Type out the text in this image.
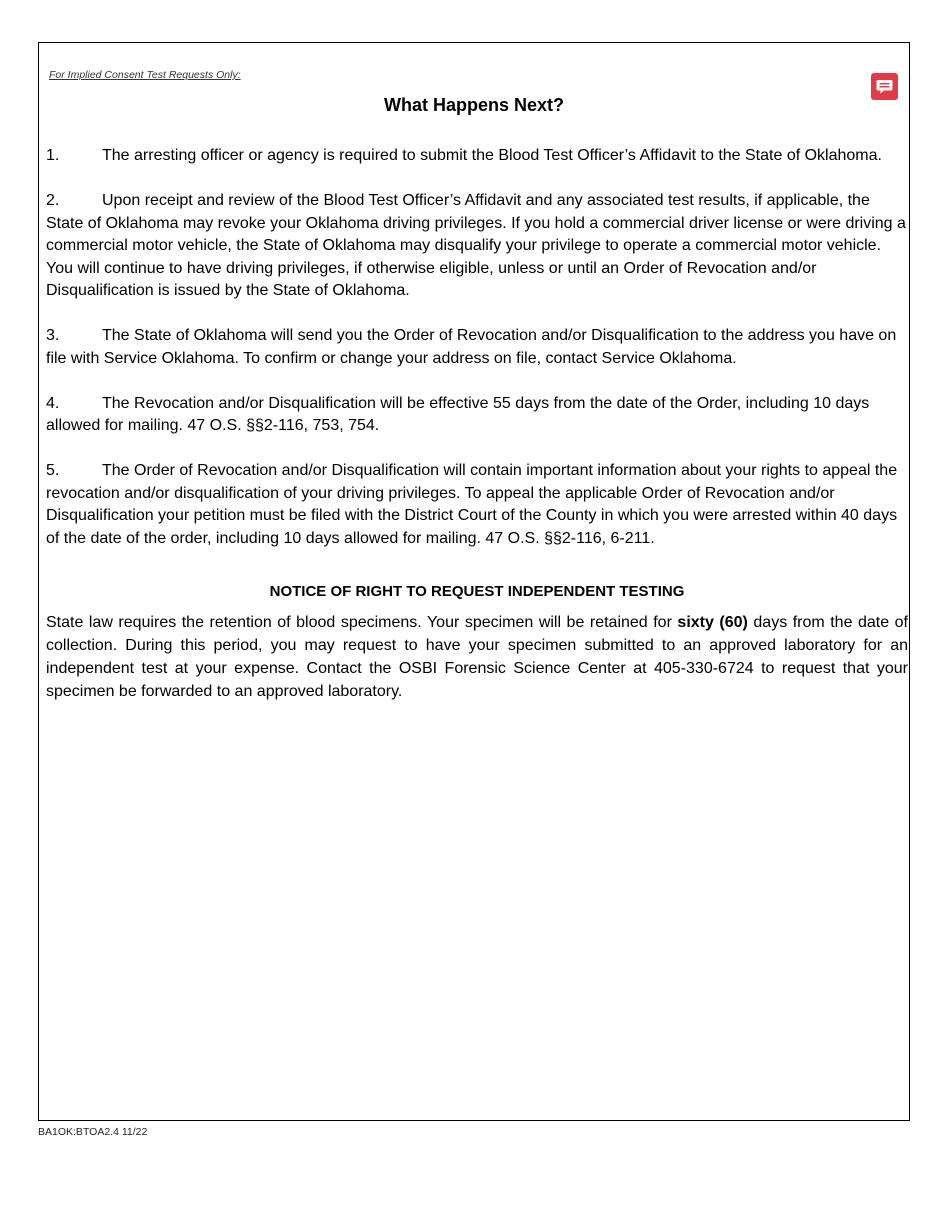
For Implied Consent Test Requests Only:
What Happens Next?

1.	The arresting officer or agency is required to submit the Blood Test Officer’s Affidavit to the State of Oklahoma.

2.	Upon receipt and review of the Blood Test Officer’s Affidavit and any associated test results, if applicable, the State of Oklahoma may revoke your Oklahoma driving privileges. If you hold a commercial driver license or were driving a commercial motor vehicle, the State of Oklahoma may disqualify your privilege to operate a commercial motor vehicle. You will continue to have driving privileges, if otherwise eligible, unless or until an Order of Revocation and/or Disqualification is issued by the State of Oklahoma.

3.	The State of Oklahoma will send you the Order of Revocation and/or Disqualification to the address you have on file with Service Oklahoma. To confirm or change your address on file, contact Service Oklahoma.

4.	The Revocation and/or Disqualification will be effective 55 days from the date of the Order, including 10 days allowed for mailing. 47 O.S. §§2-116, 753, 754.

5.	The Order of Revocation and/or Disqualification will contain important information about your rights to appeal the revocation and/or disqualification of your driving privileges. To appeal the applicable Order of Revocation and/or Disqualification your petition must be filed with the District Court of the County in which you were arrested within 40 days of the date of the order, including 10 days allowed for mailing. 47 O.S. §§2-116, 6-211.

NOTICE OF RIGHT TO REQUEST INDEPENDENT TESTING

State law requires the retention of blood specimens. Your specimen will be retained for sixty (60) days from the date of collection. During this period, you may request to have your specimen submitted to an approved laboratory for an independent test at your expense. Contact the OSBI Forensic Science Center at 405-330-6724 to request that your specimen be forwarded to an approved laboratory.

BA1OK:BTOA2.4 11/22
